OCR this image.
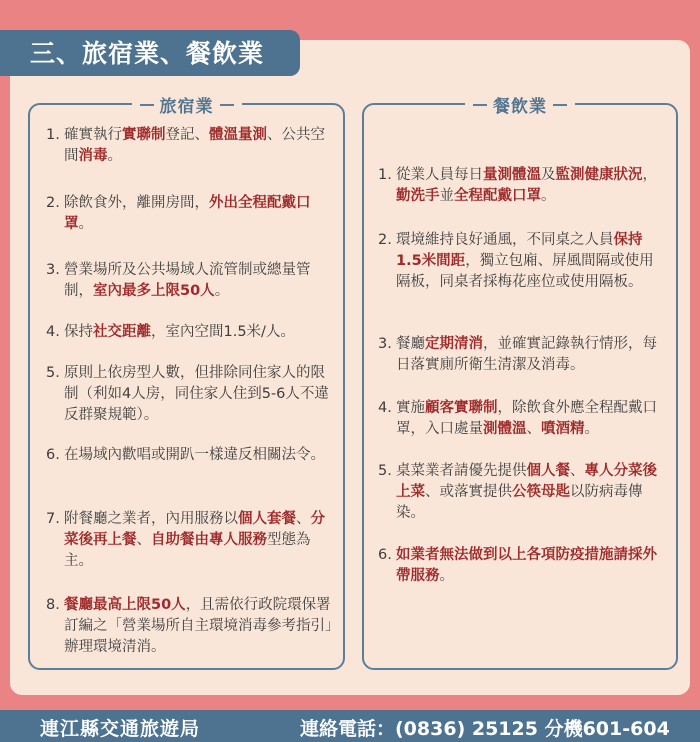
三、旅宿業、餐飲業
旅宿業
1. 確實執行實聯制登記、體溫量測、公共空間消毒。
2. 除飲食外，離開房間，外出全程配戴口罩。
3. 營業場所及公共場域人流管制或總量管制，室內最多上限50人。
4. 保持社交距離，室內空間1.5米/人。
5. 原則上依房型人數，但排除同住家人的限制（利如4人房，同住家人住到5-6人不違反群聚規範）。
6. 在場域內歡唱或開趴一樣違反相關法令。
7. 附餐廳之業者，內用服務以個人套餐、分菜後再上餐、自助餐由專人服務型態為主。
8. 餐廳最高上限50人，且需依行政院環保署訂編之「營業場所自主環境消毒參考指引」辦理環境清消。
餐飲業
1. 從業人員每日量測體溫及監測健康狀況，勤洗手並全程配戴口罩。
2. 環境維持良好通風，不同桌之人員保持1.5米間距，獨立包廂、屏風間隔或使用隔板，同桌者採梅花座位或使用隔板。
3. 餐廳定期清消，並確實記錄執行情形，每日落實廁所衛生清潔及消毒。
4. 實施顧客實聯制，除飲食外應全程配戴口罩，入口處量測體溫、噴酒精。
5. 桌菜業者請優先提供個人餐、專人分菜後上菜、或落實提供公筷母匙以防病毒傳染。
6. 如業者無法做到以上各項防疫措施請採外帶服務。
連江縣交通旅遊局	連絡電話：(0836) 25125 分機601-604
